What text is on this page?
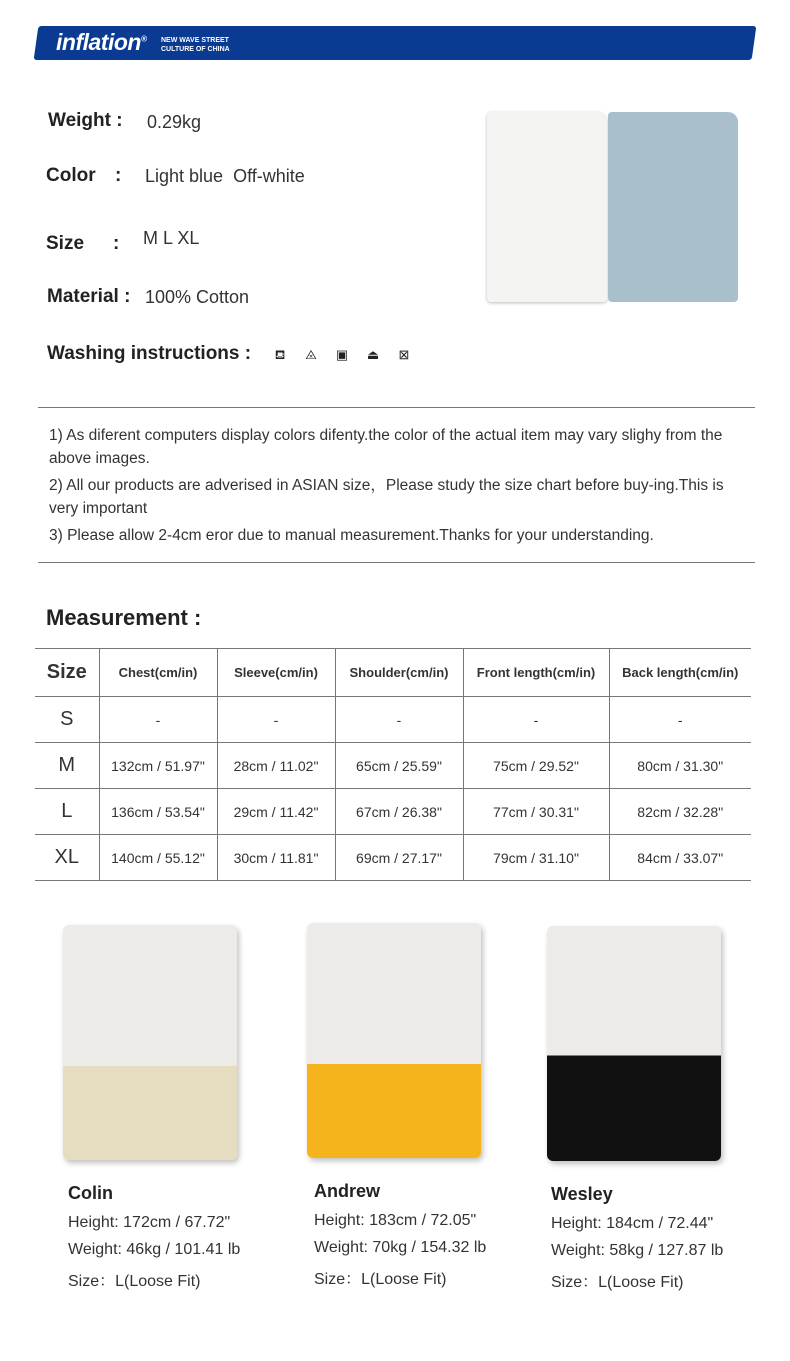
inflation® NEW WAVE STREET
CULTURE OF CHINA
Weight : 0.29kg
Color : Light blue  Off-white
Size : M L XL
Material : 100% Cotton
Washing instructions : ⛾ ⨻ ▣ ⏏ ⊠
1) As diferent computers display colors difenty.the color of the actual item may vary slighy from the above images.
2) All our products are adverised in ASIAN size，Please study the size chart before buy-ing.This is very important
3) Please allow 2-4cm eror due to manual measurement.Thanks for your understanding.
Measurement :
Size	Chest(cm/in)	Sleeve(cm/in)	Shoulder(cm/in)	Front length(cm/in)	Back length(cm/in)
S	-	-	-	-	-
M	132cm / 51.97"	28cm / 11.02"	65cm / 25.59"	75cm / 29.52"	80cm / 31.30"
L	136cm / 53.54"	29cm / 11.42"	67cm / 26.38"	77cm / 30.31"	82cm / 32.28"
XL	140cm / 55.12"	30cm / 11.81"	69cm / 27.17"	79cm / 31.10"	84cm / 33.07"
Colin
Height: 172cm / 67.72"
Weight: 46kg / 101.41 lb
Size：L(Loose Fit)
Andrew
Height: 183cm / 72.05"
Weight: 70kg / 154.32 lb
Size：L(Loose Fit)
Wesley
Height: 184cm / 72.44"
Weight: 58kg / 127.87 lb
Size：L(Loose Fit)
